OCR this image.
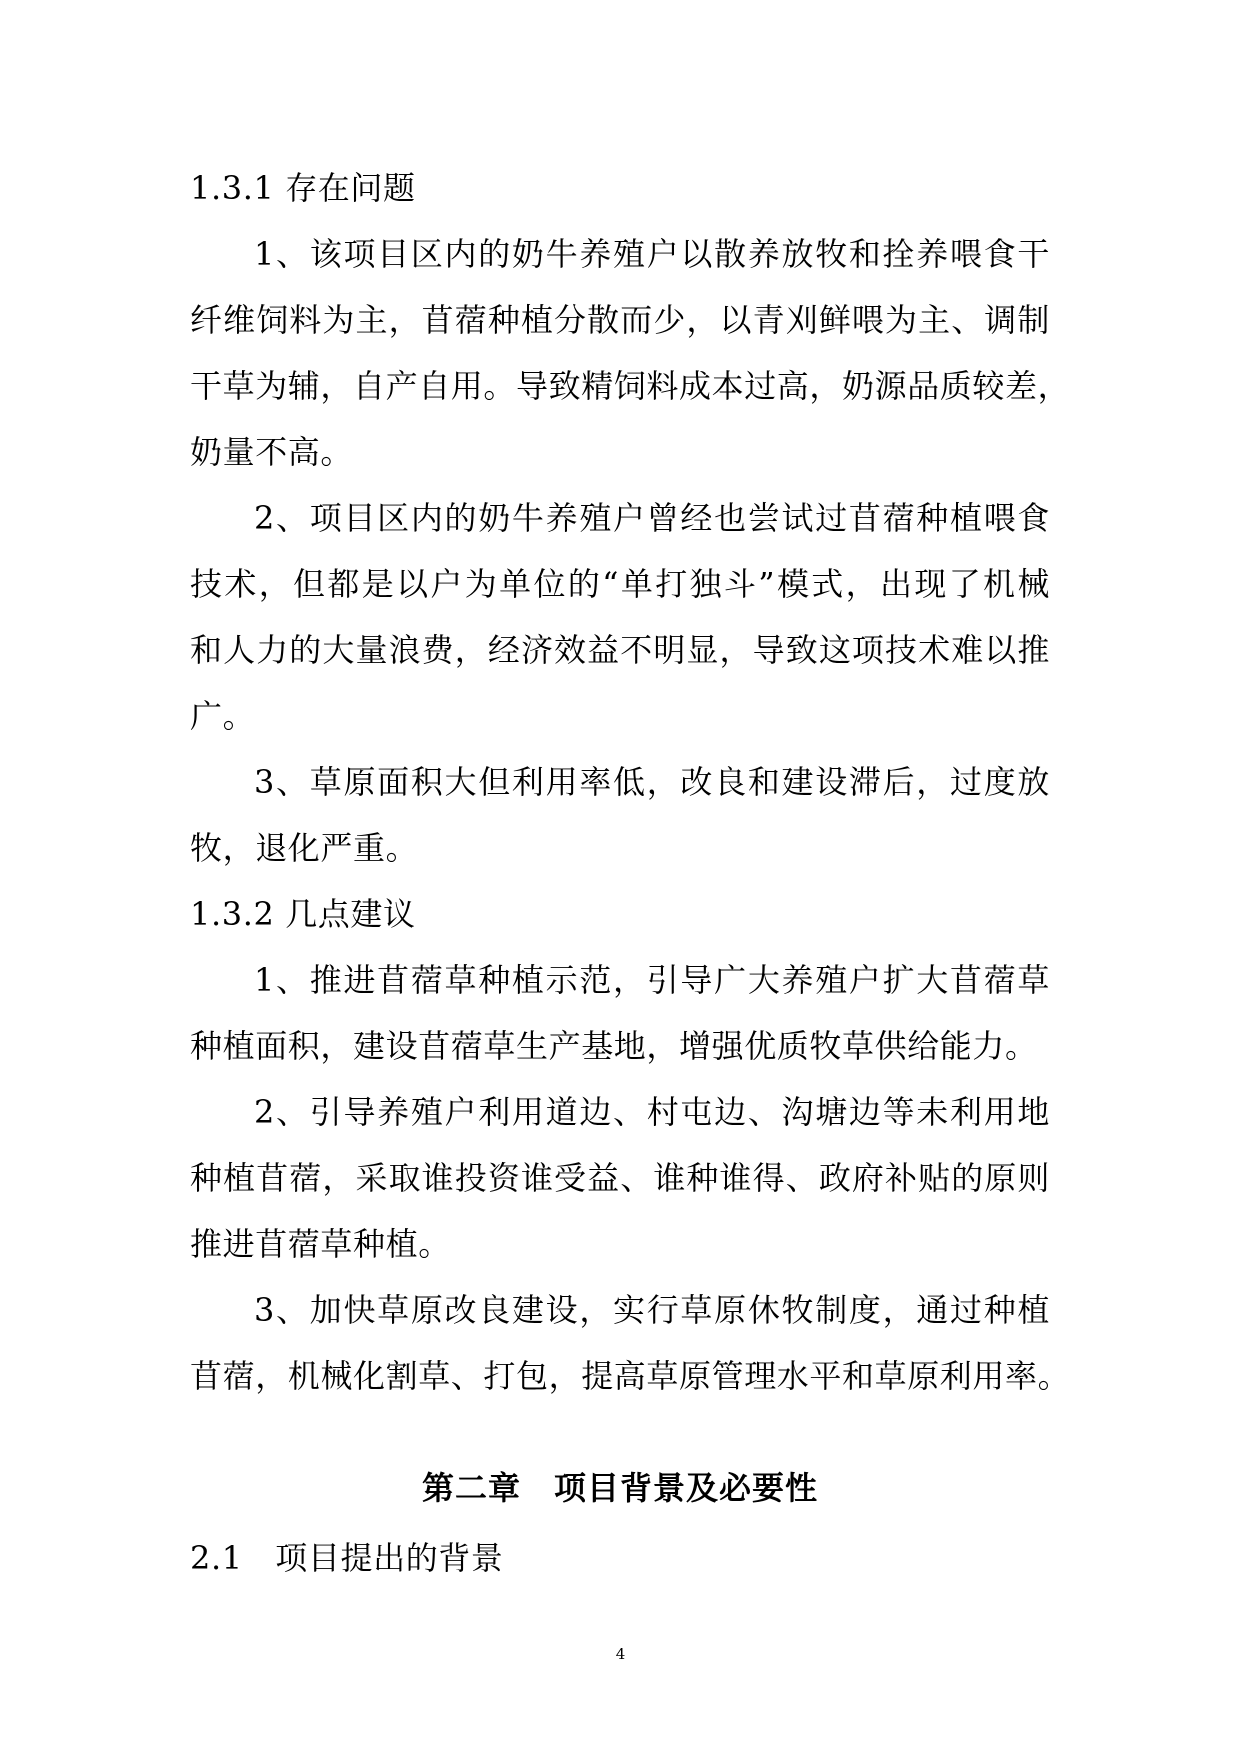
1.3.1 存在问题
1、该项目区内的奶牛养殖户以散养放牧和拴养喂食干
纤维饲料为主，苜蓿种植分散而少，以青刈鲜喂为主、调制
干草为辅，自产自用。导致精饲料成本过高，奶源品质较差，
奶量不高。
2、项目区内的奶牛养殖户曾经也尝试过苜蓿种植喂食
技术，但都是以户为单位的“单打独斗”模式，出现了机械
和人力的大量浪费，经济效益不明显，导致这项技术难以推
广。
3、草原面积大但利用率低，改良和建设滞后，过度放
牧，退化严重。
1.3.2 几点建议
1、推进苜蓿草种植示范，引导广大养殖户扩大苜蓿草
种植面积，建设苜蓿草生产基地，增强优质牧草供给能力。
2、引导养殖户利用道边、村屯边、沟塘边等未利用地
种植苜蓿，采取谁投资谁受益、谁种谁得、政府补贴的原则
推进苜蓿草种植。
3、加快草原改良建设，实行草原休牧制度，通过种植
苜蓿，机械化割草、打包，提高草原管理水平和草原利用率。
第二章　项目背景及必要性
2.1　项目提出的背景
4
